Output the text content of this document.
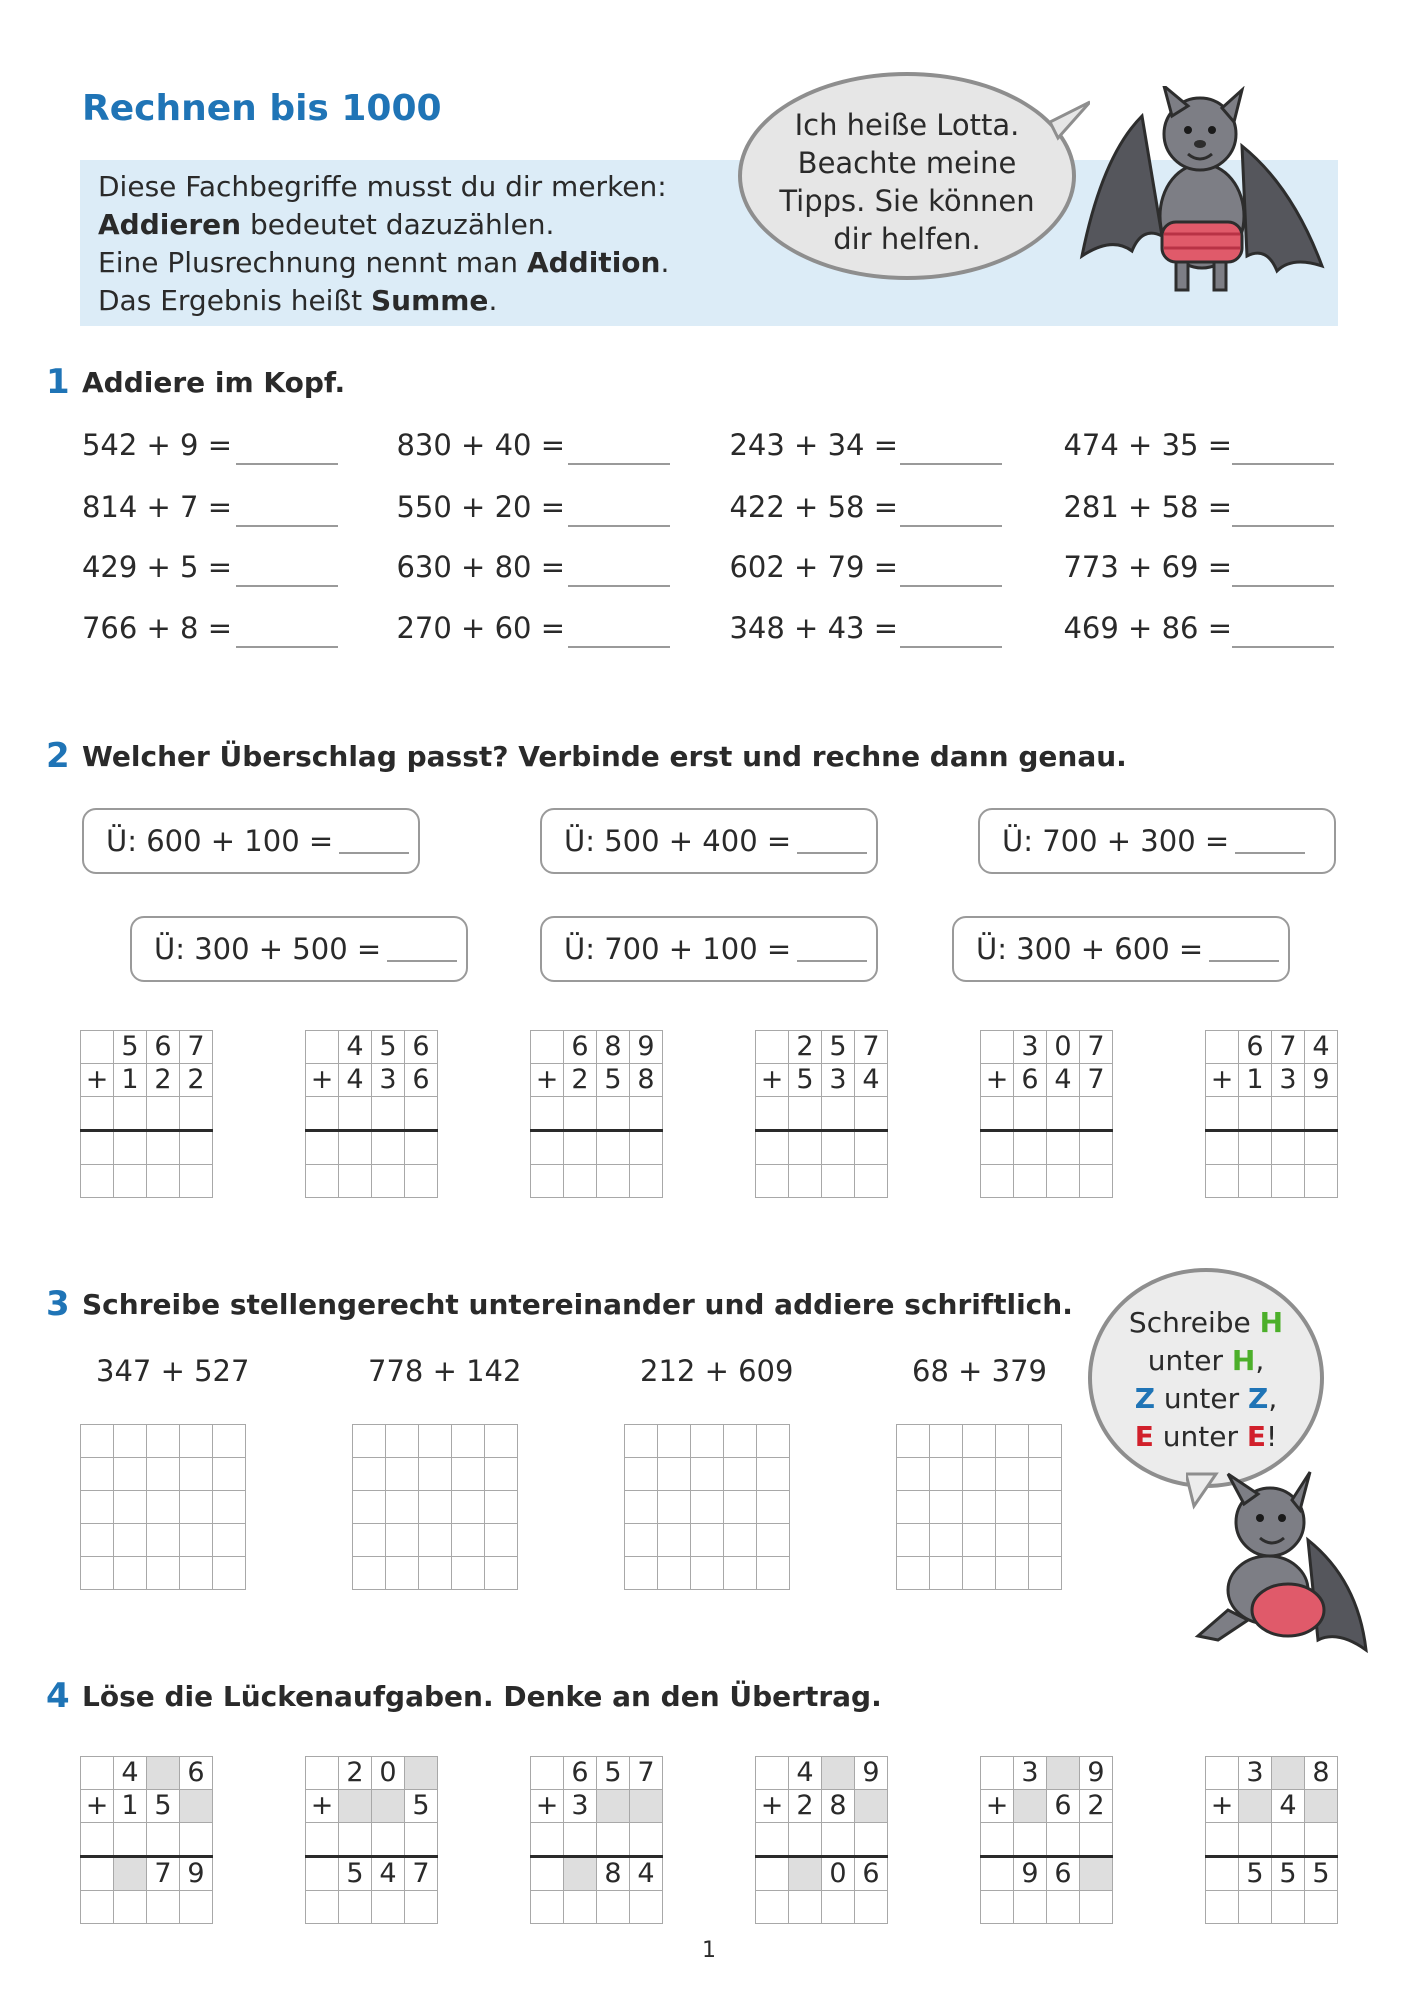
Rechnen bis 1000
Diese Fachbegriffe musst du dir merken:
Addieren bedeutet dazuzählen.
Eine Plusrechnung nennt man Addition.
Das Ergebnis heißt Summe.
Ich heiße Lotta.
Beachte meine
Tipps. Sie können
dir helfen.
1 Addiere im Kopf.
542 + 9 =	830 + 40 =	243 + 34 =	474 + 35 =
814 + 7 =	550 + 20 =	422 + 58 =	281 + 58 =
429 + 5 =	630 + 80 =	602 + 79 =	773 + 69 =
766 + 8 =	270 + 60 =	348 + 43 =	469 + 86 =
2 Welcher Überschlag passt? Verbinde erst und rechne dann genau.
Ü: 600 + 100 =	Ü: 500 + 400 =	Ü: 700 + 300 =
Ü: 300 + 500 =	Ü: 700 + 100 =	Ü: 300 + 600 =
	5	6	7
+	1	2	2

	4	5	6
+	4	3	6

	6	8	9
+	2	5	8

	2	5	7
+	5	3	4

	3	0	7
+	6	4	7

	6	7	4
+	1	3	9

3 Schreibe stellengerecht untereinander und addiere schriftlich.
347 + 527

					778 + 142

					212 + 609

					68 + 379

Schreibe H
unter H,
Z unter Z,
E unter E!
4 Löse die Lückenaufgaben. Denke an den Übertrag.
	4		6
+	1	5	

		7	9

	2	0	
+			5

	5	4	7

	6	5	7
+	3		

		8	4

	4		9
+	2	8	

		0	6

	3		9
+		6	2

	9	6	

	3		8
+		4	

	5	5	5

1
